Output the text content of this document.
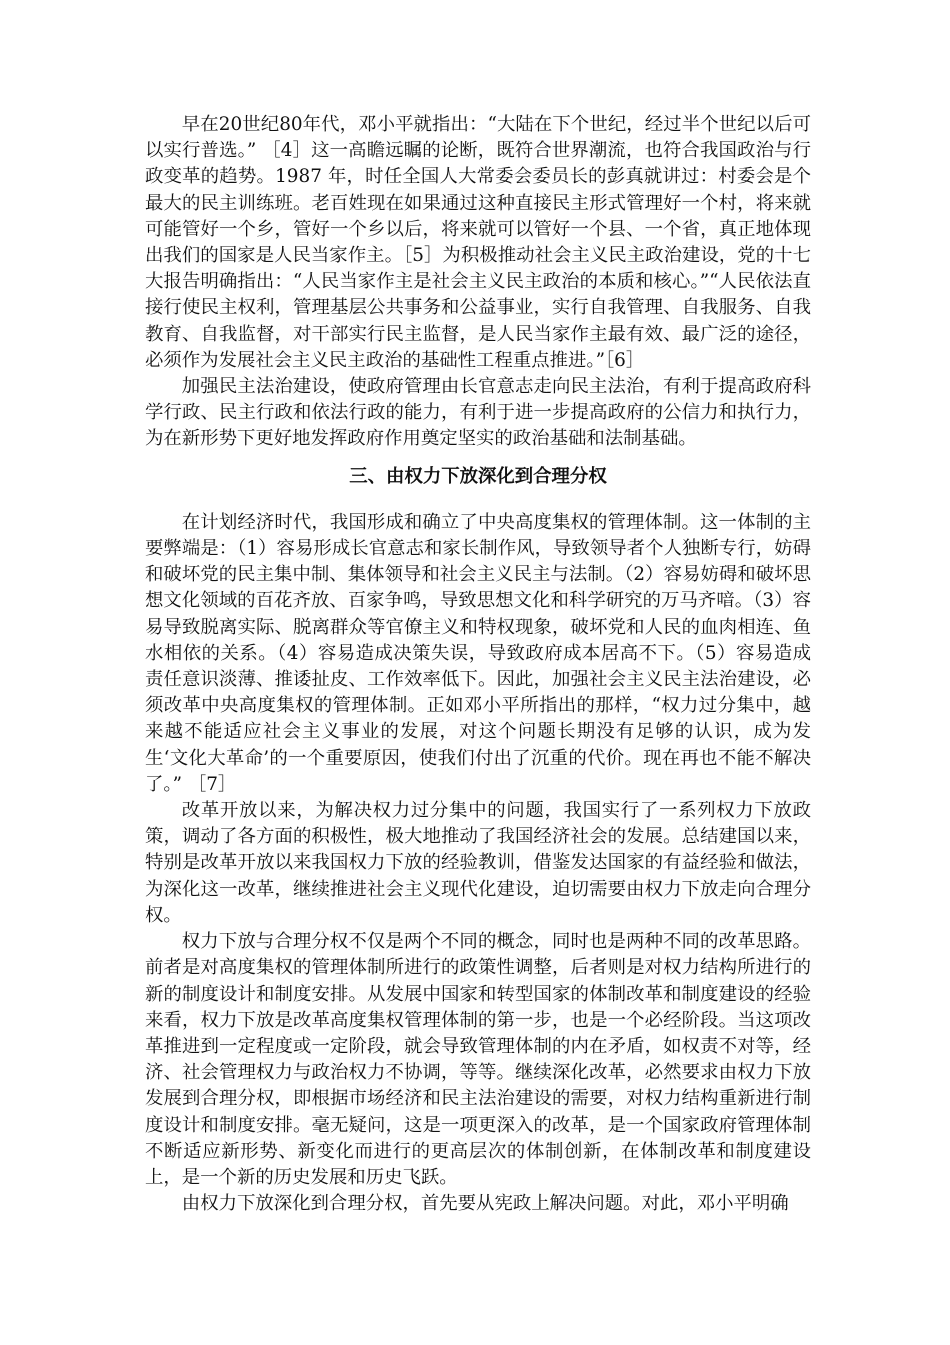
早在20世纪80年代，邓小平就指出：“大陆在下个世纪，经过半个世纪以后可以实行普选。” ［4］这一高瞻远瞩的论断，既符合世界潮流，也符合我国政治与行政变革的趋势。1987 年，时任全国人大常委会委员长的彭真就讲过：村委会是个最大的民主训练班。老百姓现在如果通过这种直接民主形式管理好一个村，将来就可能管好一个乡，管好一个乡以后，将来就可以管好一个县、一个省，真正地体现出我们的国家是人民当家作主。［5］为积极推动社会主义民主政治建设，党的十七大报告明确指出：“人民当家作主是社会主义民主政治的本质和核心。”“人民依法直接行使民主权利，管理基层公共事务和公益事业，实行自我管理、自我服务、自我教育、自我监督，对干部实行民主监督，是人民当家作主最有效、最广泛的途径，必须作为发展社会主义民主政治的基础性工程重点推进。”［6］

加强民主法治建设，使政府管理由长官意志走向民主法治，有利于提高政府科学行政、民主行政和依法行政的能力，有利于进一步提高政府的公信力和执行力，为在新形势下更好地发挥政府作用奠定坚实的政治基础和法制基础。

三、由权力下放深化到合理分权

在计划经济时代，我国形成和确立了中央高度集权的管理体制。这一体制的主要弊端是：（1）容易形成长官意志和家长制作风，导致领导者个人独断专行，妨碍和破坏党的民主集中制、集体领导和社会主义民主与法制。（2）容易妨碍和破坏思想文化领域的百花齐放、百家争鸣，导致思想文化和科学研究的万马齐喑。（3）容易导致脱离实际、脱离群众等官僚主义和特权现象，破坏党和人民的血肉相连、鱼水相依的关系。（4）容易造成决策失误，导致政府成本居高不下。（5）容易造成责任意识淡薄、推诿扯皮、工作效率低下。因此，加强社会主义民主法治建设，必须改革中央高度集权的管理体制。正如邓小平所指出的那样，“权力过分集中，越来越不能适应社会主义事业的发展，对这个问题长期没有足够的认识，成为发生‘文化大革命’的一个重要原因，使我们付出了沉重的代价。现在再也不能不解决了。” ［7］

改革开放以来，为解决权力过分集中的问题，我国实行了一系列权力下放政策，调动了各方面的积极性，极大地推动了我国经济社会的发展。总结建国以来，特别是改革开放以来我国权力下放的经验教训，借鉴发达国家的有益经验和做法，为深化这一改革，继续推进社会主义现代化建设，迫切需要由权力下放走向合理分权。

权力下放与合理分权不仅是两个不同的概念，同时也是两种不同的改革思路。前者是对高度集权的管理体制所进行的政策性调整，后者则是对权力结构所进行的新的制度设计和制度安排。从发展中国家和转型国家的体制改革和制度建设的经验来看，权力下放是改革高度集权管理体制的第一步，也是一个必经阶段。当这项改革推进到一定程度或一定阶段，就会导致管理体制的内在矛盾，如权责不对等，经济、社会管理权力与政治权力不协调，等等。继续深化改革，必然要求由权力下放发展到合理分权，即根据市场经济和民主法治建设的需要，对权力结构重新进行制度设计和制度安排。毫无疑问，这是一项更深入的改革，是一个国家政府管理体制不断适应新形势、新变化而进行的更高层次的体制创新，在体制改革和制度建设上，是一个新的历史发展和历史飞跃。

由权力下放深化到合理分权，首先要从宪政上解决问题。对此，邓小平明确
